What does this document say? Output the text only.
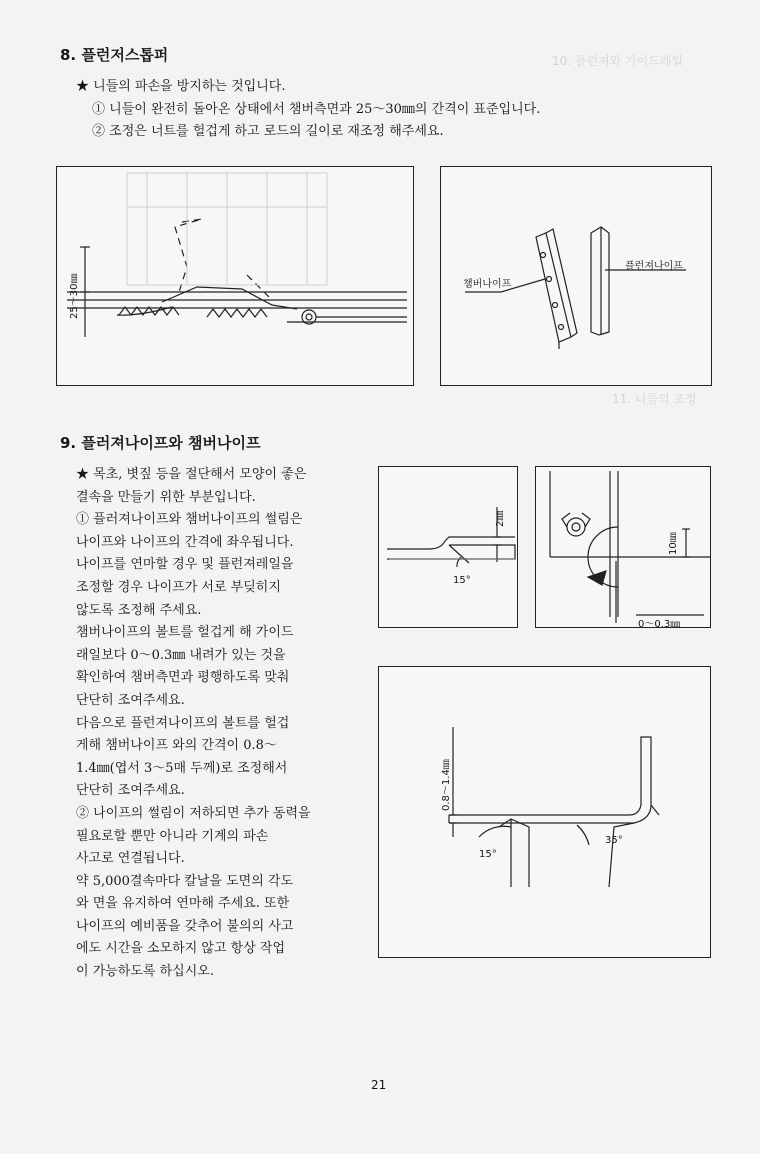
10. 플런져와 가이드레일
11. 니들의 조정
8. 플런저스톱퍼
★ 니들의 파손을 방지하는 것입니다.
① 니들이 완전히 돌아온 상태에서 챔버측면과 25～30㎜의 간격이 표준입니다.
② 조정은 너트를 헐겁게 하고 로드의 길이로 재조정 해주세요.
25～30㎜	챔버나이프
플런져나이프
9. 플러져나이프와 챔버나이프
★ 목초, 볏짚 등을 절단해서 모양이 좋은
결속을 만들기 위한 부분입니다.
① 플러져나이프와 챔버나이프의 썰림은
나이프와 나이프의 간격에 좌우됩니다.
나이프를 연마할 경우 및 플런져레일을
조정할 경우 나이프가 서로 부딪히지
않도록 조정해 주세요.
챔버나이프의 볼트를 헐겁게 해 가이드
래일보다 0～0.3㎜ 내려가 있는 것을
확인하여 챔버측면과 평행하도록 맞춰
단단히 조여주세요.
다음으로 플런져나이프의 볼트를 헐겁
게해 챔버나이프 와의 간격이 0.8～
1.4㎜(엽서 3～5매 두께)로 조정해서
단단히 조여주세요.
② 나이프의 썰림이 저하되면 추가 동력을
필요로할 뿐만 아니라 기계의 파손
사고로 연결됩니다.
약 5,000결속마다 칼날을 도면의 각도
와 면을 유지하여 연마해 주세요. 또한
나이프의 예비품을 갖추어 불의의 사고
에도 시간을 소모하지 않고 항상 작업
이 가능하도록 하십시오.
2㎜
15°
10㎜
0～0.3㎜
0.8～1.4㎜
15°
35°
21
